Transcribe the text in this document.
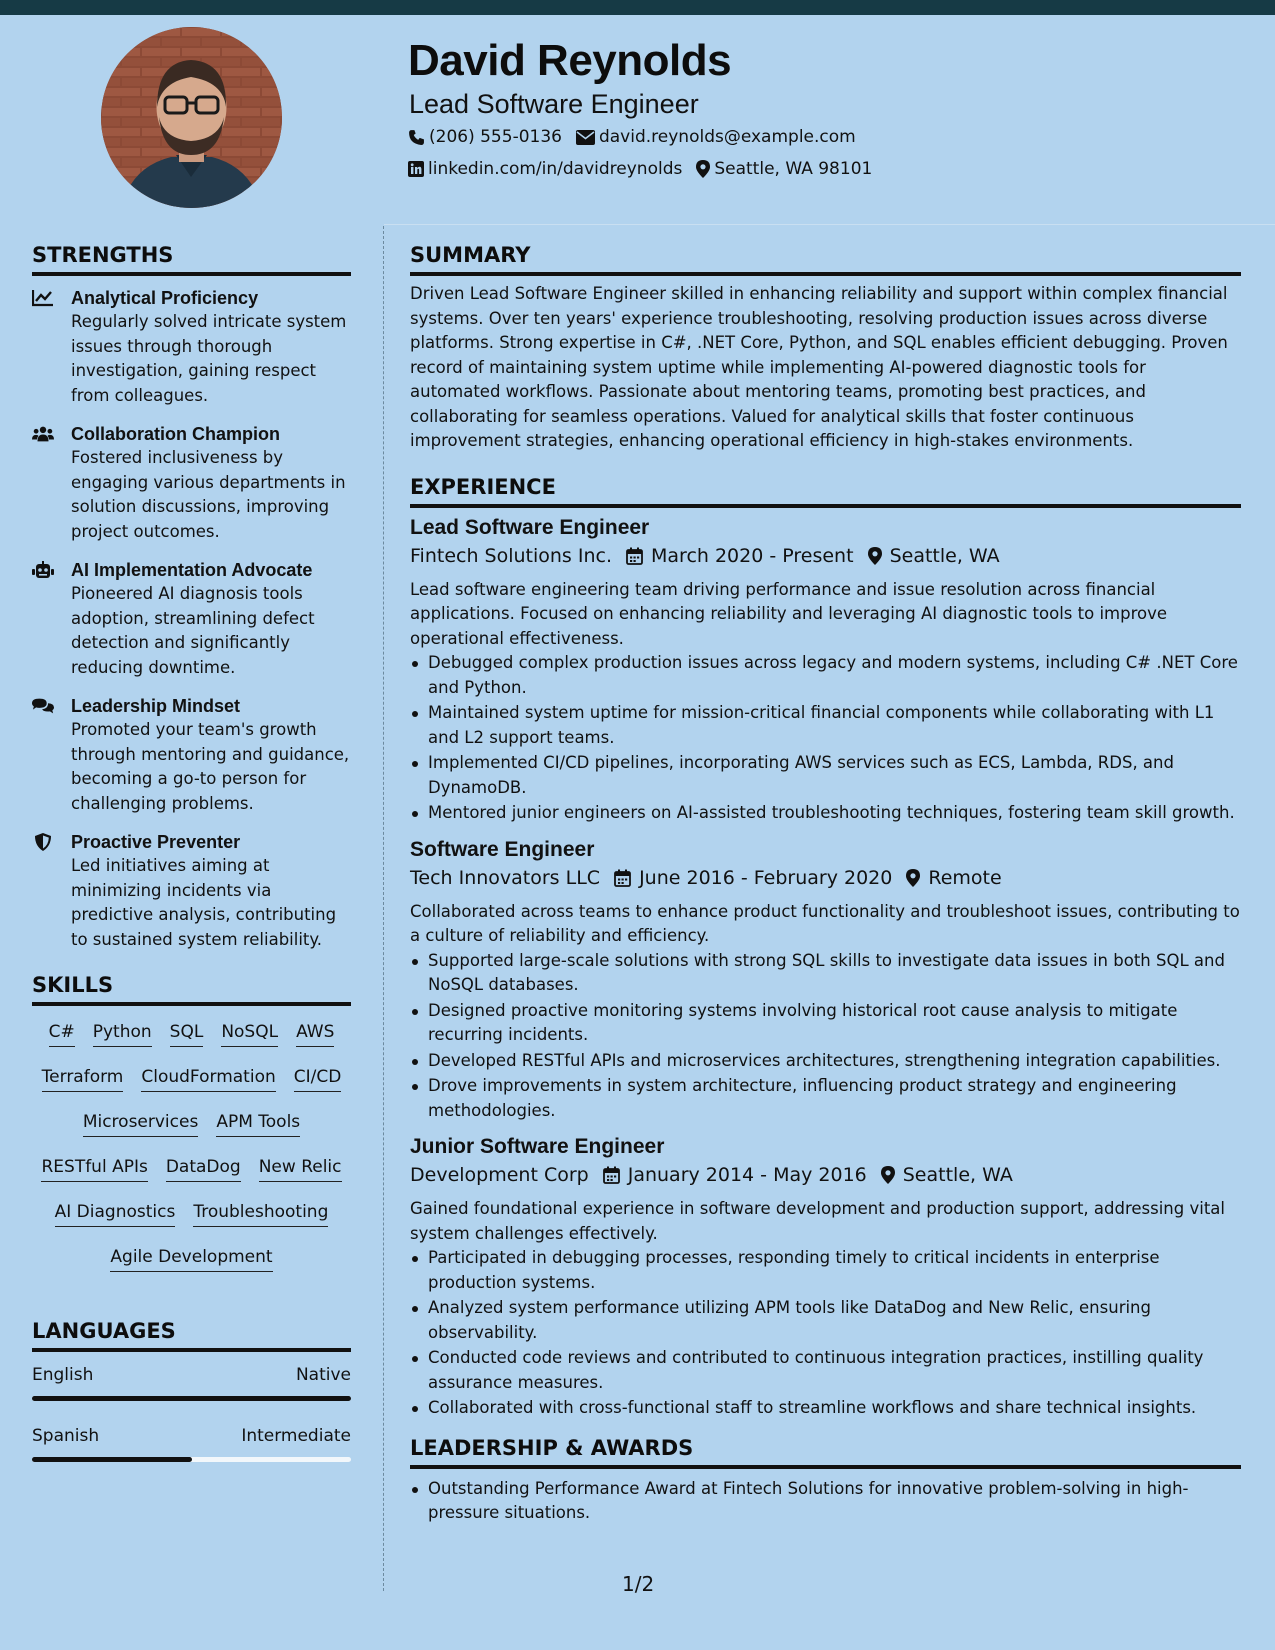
David Reynolds
Lead Software Engineer
(206) 555-0136 david.reynolds@example.com
linkedin.com/in/davidreynolds Seattle, WA 98101
STRENGTHS
Analytical Proficiency
Regularly solved intricate system issues through thorough investigation, gaining respect from colleagues.
Collaboration Champion
Fostered inclusiveness by engaging various departments in solution discussions, improving project outcomes.
AI Implementation Advocate
Pioneered AI diagnosis tools adoption, streamlining defect detection and significantly reducing downtime.
Leadership Mindset
Promoted your team's growth through mentoring and guidance, becoming a go-to person for challenging problems.
Proactive Preventer
Led initiatives aiming at minimizing incidents via predictive analysis, contributing to sustained system reliability.
SKILLS
C# Python SQL NoSQL AWS
Terraform CloudFormation CI/CD
Microservices APM Tools
RESTful APIs DataDog New Relic
AI Diagnostics Troubleshooting
Agile Development
LANGUAGES
English	Native
Spanish	Intermediate
SUMMARY
Driven Lead Software Engineer skilled in enhancing reliability and support within complex financial systems. Over ten years' experience troubleshooting, resolving production issues across diverse platforms. Strong expertise in C#, .NET Core, Python, and SQL enables efficient debugging. Proven record of maintaining system uptime while implementing AI-powered diagnostic tools for automated workflows. Passionate about mentoring teams, promoting best practices, and collaborating for seamless operations. Valued for analytical skills that foster continuous improvement strategies, enhancing operational efficiency in high-stakes environments.
EXPERIENCE
Lead Software Engineer
Fintech Solutions Inc. March 2020 - Present Seattle, WA
Lead software engineering team driving performance and issue resolution across financial applications. Focused on enhancing reliability and leveraging AI diagnostic tools to improve operational effectiveness.
Debugged complex production issues across legacy and modern systems, including C# .NET Core and Python.
Maintained system uptime for mission-critical financial components while collaborating with L1 and L2 support teams.
Implemented CI/CD pipelines, incorporating AWS services such as ECS, Lambda, RDS, and DynamoDB.
Mentored junior engineers on AI-assisted troubleshooting techniques, fostering team skill growth.
Software Engineer
Tech Innovators LLC June 2016 - February 2020 Remote
Collaborated across teams to enhance product functionality and troubleshoot issues, contributing to a culture of reliability and efficiency.
Supported large-scale solutions with strong SQL skills to investigate data issues in both SQL and NoSQL databases.
Designed proactive monitoring systems involving historical root cause analysis to mitigate recurring incidents.
Developed RESTful APIs and microservices architectures, strengthening integration capabilities.
Drove improvements in system architecture, influencing product strategy and engineering methodologies.
Junior Software Engineer
Development Corp January 2014 - May 2016 Seattle, WA
Gained foundational experience in software development and production support, addressing vital system challenges effectively.
Participated in debugging processes, responding timely to critical incidents in enterprise production systems.
Analyzed system performance utilizing APM tools like DataDog and New Relic, ensuring observability.
Conducted code reviews and contributed to continuous integration practices, instilling quality assurance measures.
Collaborated with cross-functional staff to streamline workflows and share technical insights.
LEADERSHIP & AWARDS
Outstanding Performance Award at Fintech Solutions for innovative problem-solving in high-pressure situations.
1/2
